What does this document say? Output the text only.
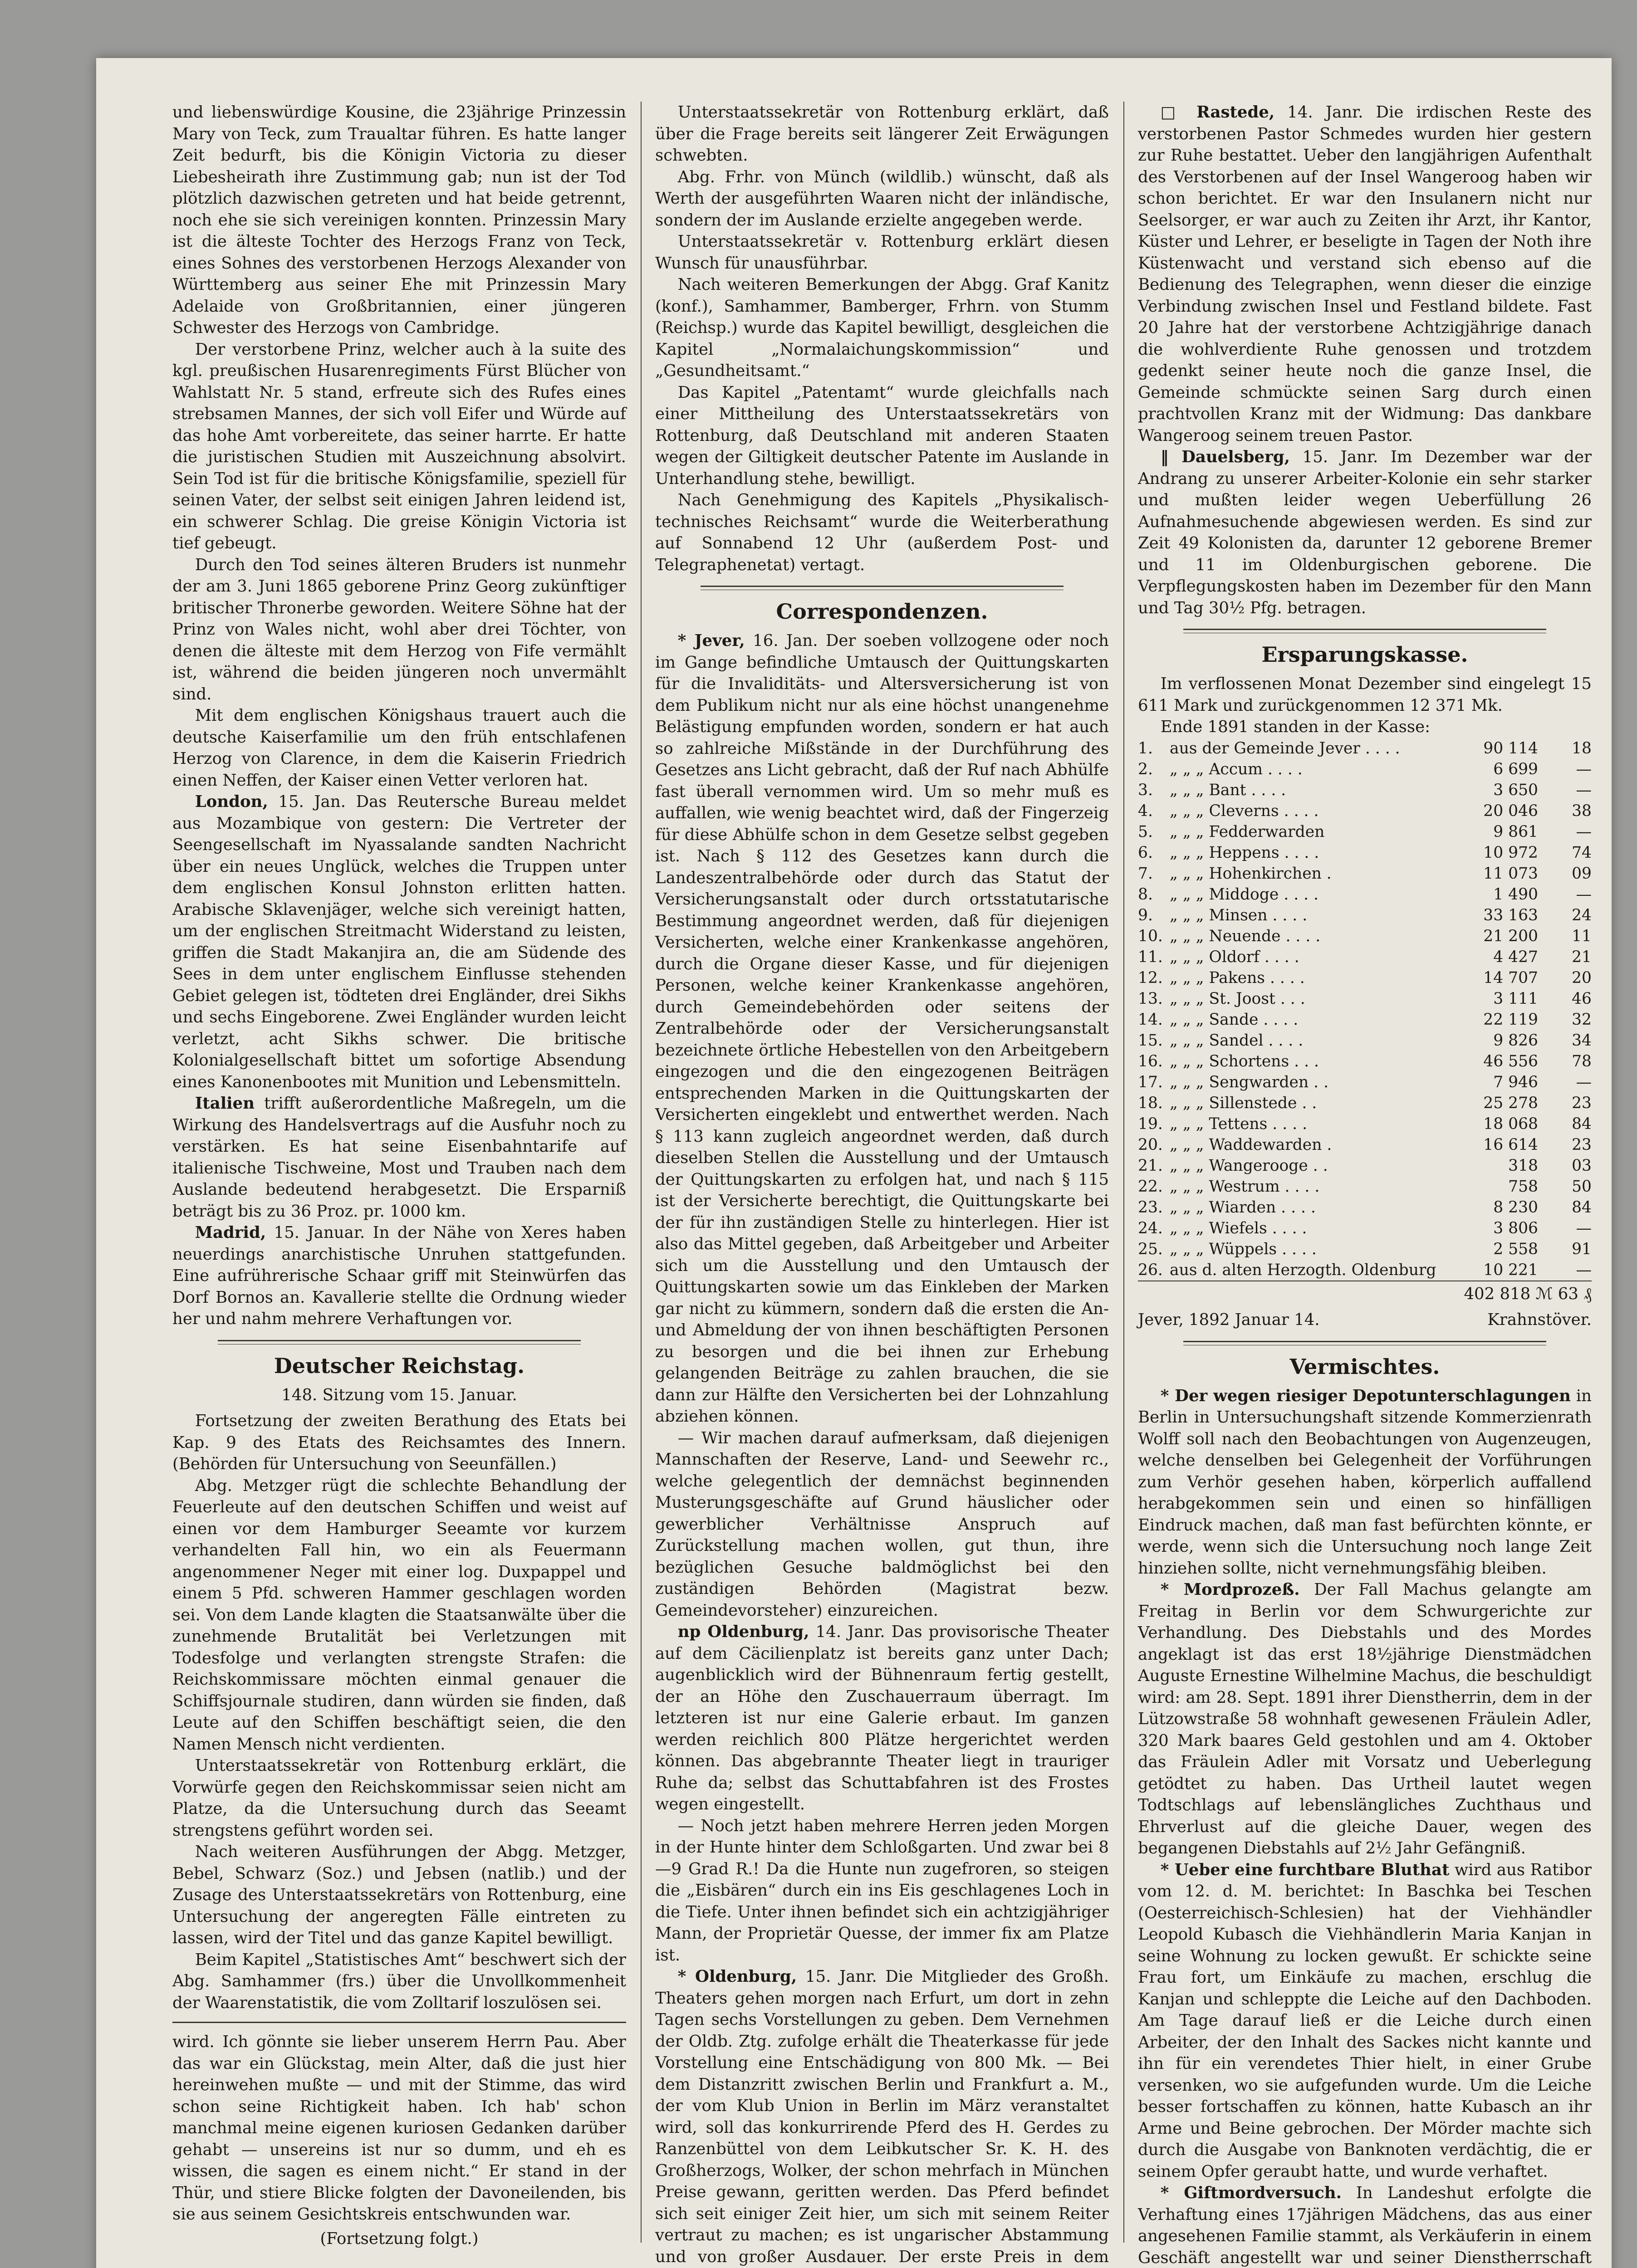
und liebenswürdige Kousine, die 23jährige Prinzessin Mary von Teck, zum Traualtar führen. Es hatte langer Zeit bedurft, bis die Königin Victoria zu dieser Liebesheirath ihre Zustimmung gab; nun ist der Tod plötzlich dazwischen getreten und hat beide getrennt, noch ehe sie sich vereinigen konnten. Prinzessin Mary ist die älteste Tochter des Herzogs Franz von Teck, eines Sohnes des verstorbenen Herzogs Alexander von Württemberg aus seiner Ehe mit Prinzessin Mary Adelaide von Großbritannien, einer jüngeren Schwester des Herzogs von Cambridge.

Der verstorbene Prinz, welcher auch à la suite des kgl. preußischen Husarenregiments Fürst Blücher von Wahlstatt Nr. 5 stand, erfreute sich des Rufes eines strebsamen Mannes, der sich voll Eifer und Würde auf das hohe Amt vorbereitete, das seiner harrte. Er hatte die juristischen Studien mit Auszeichnung absolvirt. Sein Tod ist für die britische Königsfamilie, speziell für seinen Vater, der selbst seit einigen Jahren leidend ist, ein schwerer Schlag. Die greise Königin Victoria ist tief gebeugt.

Durch den Tod seines älteren Bruders ist nunmehr der am 3. Juni 1865 geborene Prinz Georg zukünftiger britischer Thronerbe geworden. Weitere Söhne hat der Prinz von Wales nicht, wohl aber drei Töchter, von denen die älteste mit dem Herzog von Fife vermählt ist, während die beiden jüngeren noch unvermählt sind.

Mit dem englischen Königshaus trauert auch die deutsche Kaiserfamilie um den früh entschlafenen Herzog von Clarence, in dem die Kaiserin Friedrich einen Neffen, der Kaiser einen Vetter verloren hat.

London, 15. Jan. Das Reutersche Bureau meldet aus Mozambique von gestern: Die Vertreter der Seengesellschaft im Nyassalande sandten Nachricht über ein neues Unglück, welches die Truppen unter dem englischen Konsul Johnston erlitten hatten. Arabische Sklavenjäger, welche sich vereinigt hatten, um der englischen Streitmacht Widerstand zu leisten, griffen die Stadt Makanjira an, die am Südende des Sees in dem unter englischem Einflusse stehenden Gebiet gelegen ist, tödteten drei Engländer, drei Sikhs und sechs Eingeborene. Zwei Engländer wurden leicht verletzt, acht Sikhs schwer. Die britische Kolonialgesellschaft bittet um sofortige Absendung eines Kanonenbootes mit Munition und Lebensmitteln.

Italien trifft außerordentliche Maßregeln, um die Wirkung des Handelsvertrags auf die Ausfuhr noch zu verstärken. Es hat seine Eisenbahntarife auf italienische Tischweine, Most und Trauben nach dem Auslande bedeutend herabgesetzt. Die Ersparniß beträgt bis zu 36 Proz. pr. 1000 km.

Madrid, 15. Januar. In der Nähe von Xeres haben neuerdings anarchistische Unruhen stattgefunden. Eine aufrührerische Schaar griff mit Steinwürfen das Dorf Bornos an. Kavallerie stellte die Ordnung wieder her und nahm mehrere Verhaftungen vor.

Deutscher Reichstag.
148. Sitzung vom 15. Januar.

Fortsetzung der zweiten Berathung des Etats bei Kap. 9 des Etats des Reichsamtes des Innern. (Behörden für Untersuchung von Seeunfällen.)

Abg. Metzger rügt die schlechte Behandlung der Feuerleute auf den deutschen Schiffen und weist auf einen vor dem Hamburger Seeamte vor kurzem verhandelten Fall hin, wo ein als Feuermann angenommener Neger mit einer log. Duxpappel und einem 5 Pfd. schweren Hammer geschlagen worden sei. Von dem Lande klagten die Staatsanwälte über die zunehmende Brutalität bei Verletzungen mit Todesfolge und verlangten strengste Strafen: die Reichskommissare möchten einmal genauer die Schiffsjournale studiren, dann würden sie finden, daß Leute auf den Schiffen beschäftigt seien, die den Namen Mensch nicht verdienten.

Unterstaatssekretär von Rottenburg erklärt, die Vorwürfe gegen den Reichskommissar seien nicht am Platze, da die Untersuchung durch das Seeamt strengstens geführt worden sei.

Nach weiteren Ausführungen der Abgg. Metzger, Bebel, Schwarz (Soz.) und Jebsen (natlib.) und der Zusage des Unterstaatssekretärs von Rottenburg, eine Untersuchung der angeregten Fälle eintreten zu lassen, wird der Titel und das ganze Kapitel bewilligt.

Beim Kapitel „Statistisches Amt“ beschwert sich der Abg. Samhammer (frs.) über die Unvollkommenheit der Waarenstatistik, die vom Zolltarif loszulösen sei.

wird. Ich gönnte sie lieber unserem Herrn Pau. Aber das war ein Glückstag, mein Alter, daß die just hier hereinwehen mußte — und mit der Stimme, das wird schon seine Richtigkeit haben. Ich hab' schon manchmal meine eigenen kuriosen Gedanken darüber gehabt — unsereins ist nur so dumm, und eh es wissen, die sagen es einem nicht.“ Er stand in der Thür, und stiere Blicke folgten der Davoneilenden, bis sie aus seinem Gesichtskreis entschwunden war.

(Fortsetzung folgt.)

Unterstaatssekretär von Rottenburg erklärt, daß über die Frage bereits seit längerer Zeit Erwägungen schwebten.

Abg. Frhr. von Münch (wildlib.) wünscht, daß als Werth der ausgeführten Waaren nicht der inländische, sondern der im Auslande erzielte angegeben werde.

Unterstaatssekretär v. Rottenburg erklärt diesen Wunsch für unausführbar.

Nach weiteren Bemerkungen der Abgg. Graf Kanitz (konf.), Samhammer, Bamberger, Frhrn. von Stumm (Reichsp.) wurde das Kapitel bewilligt, desgleichen die Kapitel „Normalaichungskommission“ und „Gesundheitsamt.“

Das Kapitel „Patentamt“ wurde gleichfalls nach einer Mittheilung des Unterstaatssekretärs von Rottenburg, daß Deutschland mit anderen Staaten wegen der Giltigkeit deutscher Patente im Auslande in Unterhandlung stehe, bewilligt.

Nach Genehmigung des Kapitels „Physikalisch-technisches Reichsamt“ wurde die Weiterberathung auf Sonnabend 12 Uhr (außerdem Post- und Telegraphenetat) vertagt.

Correspondenzen.

* Jever, 16. Jan. Der soeben vollzogene oder noch im Gange befindliche Umtausch der Quittungskarten für die Invaliditäts- und Altersversicherung ist von dem Publikum nicht nur als eine höchst unangenehme Belästigung empfunden worden, sondern er hat auch so zahlreiche Mißstände in der Durchführung des Gesetzes ans Licht gebracht, daß der Ruf nach Abhülfe fast überall vernommen wird. Um so mehr muß es auffallen, wie wenig beachtet wird, daß der Fingerzeig für diese Abhülfe schon in dem Gesetze selbst gegeben ist. Nach § 112 des Gesetzes kann durch die Landeszentralbehörde oder durch das Statut der Versicherungsanstalt oder durch ortsstatutarische Bestimmung angeordnet werden, daß für diejenigen Versicherten, welche einer Krankenkasse angehören, durch die Organe dieser Kasse, und für diejenigen Personen, welche keiner Krankenkasse angehören, durch Gemeindebehörden oder seitens der Zentralbehörde oder der Versicherungsanstalt bezeichnete örtliche Hebestellen von den Arbeitgebern eingezogen und die den eingezogenen Beiträgen entsprechenden Marken in die Quittungskarten der Versicherten eingeklebt und entwerthet werden. Nach § 113 kann zugleich angeordnet werden, daß durch dieselben Stellen die Ausstellung und der Umtausch der Quittungskarten zu erfolgen hat, und nach § 115 ist der Versicherte berechtigt, die Quittungskarte bei der für ihn zuständigen Stelle zu hinterlegen. Hier ist also das Mittel gegeben, daß Arbeitgeber und Arbeiter sich um die Ausstellung und den Umtausch der Quittungskarten sowie um das Einkleben der Marken gar nicht zu kümmern, sondern daß die ersten die An- und Abmeldung der von ihnen beschäftigten Personen zu besorgen und die bei ihnen zur Erhebung gelangenden Beiträge zu zahlen brauchen, die sie dann zur Hälfte den Versicherten bei der Lohnzahlung abziehen können.

— Wir machen darauf aufmerksam, daß diejenigen Mannschaften der Reserve, Land- und Seewehr rc., welche gelegentlich der demnächst beginnenden Musterungsgeschäfte auf Grund häuslicher oder gewerblicher Verhältnisse Anspruch auf Zurückstellung machen wollen, gut thun, ihre bezüglichen Gesuche baldmöglichst bei den zuständigen Behörden (Magistrat bezw. Gemeindevorsteher) einzureichen.

np Oldenburg, 14. Janr. Das provisorische Theater auf dem Cäcilienplatz ist bereits ganz unter Dach; augenblicklich wird der Bühnenraum fertig gestellt, der an Höhe den Zuschauerraum überragt. Im letzteren ist nur eine Galerie erbaut. Im ganzen werden reichlich 800 Plätze hergerichtet werden können. Das abgebrannte Theater liegt in trauriger Ruhe da; selbst das Schuttabfahren ist des Frostes wegen eingestellt.

— Noch jetzt haben mehrere Herren jeden Morgen in der Hunte hinter dem Schloßgarten. Und zwar bei 8—9 Grad R.! Da die Hunte nun zugefroren, so steigen die „Eisbären“ durch ein ins Eis geschlagenes Loch in die Tiefe. Unter ihnen befindet sich ein achtzigjähriger Mann, der Proprietär Quesse, der immer fix am Platze ist.

* Oldenburg, 15. Janr. Die Mitglieder des Großh. Theaters gehen morgen nach Erfurt, um dort in zehn Tagen sechs Vorstellungen zu geben. Dem Vernehmen der Oldb. Ztg. zufolge erhält die Theaterkasse für jede Vorstellung eine Entschädigung von 800 Mk. — Bei dem Distanzritt zwischen Berlin und Frankfurt a. M., der vom Klub Union in Berlin im März veranstaltet wird, soll das konkurrirende Pferd des H. Gerdes zu Ranzenbüttel von dem Leibkutscher Sr. K. H. des Großherzogs, Wolker, der schon mehrfach in München Preise gewann, geritten werden. Das Pferd befindet sich seit einiger Zeit hier, um sich mit seinem Reiter vertraut zu machen; es ist ungarischer Abstammung und von großer Ausdauer. Der erste Preis in dem

□ Rastede, 14. Janr. Die irdischen Reste des verstorbenen Pastor Schmedes wurden hier gestern zur Ruhe bestattet. Ueber den langjährigen Aufenthalt des Verstorbenen auf der Insel Wangeroog haben wir schon berichtet. Er war den Insulanern nicht nur Seelsorger, er war auch zu Zeiten ihr Arzt, ihr Kantor, Küster und Lehrer, er beseligte in Tagen der Noth ihre Küstenwacht und verstand sich ebenso auf die Bedienung des Telegraphen, wenn dieser die einzige Verbindung zwischen Insel und Festland bildete. Fast 20 Jahre hat der verstorbene Achtzigjährige danach die wohlverdiente Ruhe genossen und trotzdem gedenkt seiner heute noch die ganze Insel, die Gemeinde schmückte seinen Sarg durch einen prachtvollen Kranz mit der Widmung: Das dankbare Wangeroog seinem treuen Pastor.

‖ Dauelsberg, 15. Janr. Im Dezember war der Andrang zu unserer Arbeiter-Kolonie ein sehr starker und mußten leider wegen Ueberfüllung 26 Aufnahmesuchende abgewiesen werden. Es sind zur Zeit 49 Kolonisten da, darunter 12 geborene Bremer und 11 im Oldenburgischen geborene. Die Verpflegungskosten haben im Dezember für den Mann und Tag 30½ Pfg. betragen.

Ersparungskasse.

Im verflossenen Monat Dezember sind eingelegt 15 611 Mark und zurückgenommen 12 371 Mk.

Ende 1891 standen in der Kasse:

1.	aus der Gemeinde Jever . . . .	90 114	18
2.	„ „ „ Accum . . . .	6 699	—
3.	„ „ „ Bant . . . .	3 650	—
4.	„ „ „ Cleverns . . . .	20 046	38
5.	„ „ „ Fedderwarden	9 861	—
6.	„ „ „ Heppens . . . .	10 972	74
7.	„ „ „ Hohenkirchen .	11 073	09
8.	„ „ „ Middoge . . . .	1 490	—
9.	„ „ „ Minsen . . . .	33 163	24
10.	„ „ „ Neuende . . . .	21 200	11
11.	„ „ „ Oldorf . . . .	4 427	21
12.	„ „ „ Pakens . . . .	14 707	20
13.	„ „ „ St. Joost . . .	3 111	46
14.	„ „ „ Sande . . . .	22 119	32
15.	„ „ „ Sandel . . . .	9 826	34
16.	„ „ „ Schortens . . .	46 556	78
17.	„ „ „ Sengwarden . .	7 946	—
18.	„ „ „ Sillenstede . .	25 278	23
19.	„ „ „ Tettens . . . .	18 068	84
20.	„ „ „ Waddewarden .	16 614	23
21.	„ „ „ Wangerooge . .	318	03
22.	„ „ „ Westrum . . . .	758	50
23.	„ „ „ Wiarden . . . .	8 230	84
24.	„ „ „ Wiefels . . . .	3 806	—
25.	„ „ „ Wüppels . . . .	2 558	91
26.	aus d. alten Herzogth. Oldenburg	10 221	—
402 818 ℳ 63 ₰
Jever, 1892 Januar 14.	Krahnstöver.
Vermischtes.

* Der wegen riesiger Depotunterschlagungen in Berlin in Untersuchungshaft sitzende Kommerzienrath Wolff soll nach den Beobachtungen von Augenzeugen, welche denselben bei Gelegenheit der Vorführungen zum Verhör gesehen haben, körperlich auffallend herabgekommen sein und einen so hinfälligen Eindruck machen, daß man fast befürchten könnte, er werde, wenn sich die Untersuchung noch lange Zeit hinziehen sollte, nicht vernehmungsfähig bleiben.

* Mordprozeß. Der Fall Machus gelangte am Freitag in Berlin vor dem Schwurgerichte zur Verhandlung. Des Diebstahls und des Mordes angeklagt ist das erst 18½jährige Dienstmädchen Auguste Ernestine Wilhelmine Machus, die beschuldigt wird: am 28. Sept. 1891 ihrer Dienstherrin, dem in der Lützowstraße 58 wohnhaft gewesenen Fräulein Adler, 320 Mark baares Geld gestohlen und am 4. Oktober das Fräulein Adler mit Vorsatz und Ueberlegung getödtet zu haben. Das Urtheil lautet wegen Todtschlags auf lebenslängliches Zuchthaus und Ehrverlust auf die gleiche Dauer, wegen des begangenen Diebstahls auf 2½ Jahr Gefängniß.

* Ueber eine furchtbare Bluthat wird aus Ratibor vom 12. d. M. berichtet: In Baschka bei Teschen (Oesterreichisch-Schlesien) hat der Viehhändler Leopold Kubasch die Viehhändlerin Maria Kanjan in seine Wohnung zu locken gewußt. Er schickte seine Frau fort, um Einkäufe zu machen, erschlug die Kanjan und schleppte die Leiche auf den Dachboden. Am Tage darauf ließ er die Leiche durch einen Arbeiter, der den Inhalt des Sackes nicht kannte und ihn für ein verendetes Thier hielt, in einer Grube versenken, wo sie aufgefunden wurde. Um die Leiche besser fortschaffen zu können, hatte Kubasch an ihr Arme und Beine gebrochen. Der Mörder machte sich durch die Ausgabe von Banknoten verdächtig, die er seinem Opfer geraubt hatte, und wurde verhaftet.

* Giftmordversuch. In Landeshut erfolgte die Verhaftung eines 17jährigen Mädchens, das aus einer angesehenen Familie stammt, als Verkäuferin in einem Geschäft angestellt war und seiner Dienstherrschaft
